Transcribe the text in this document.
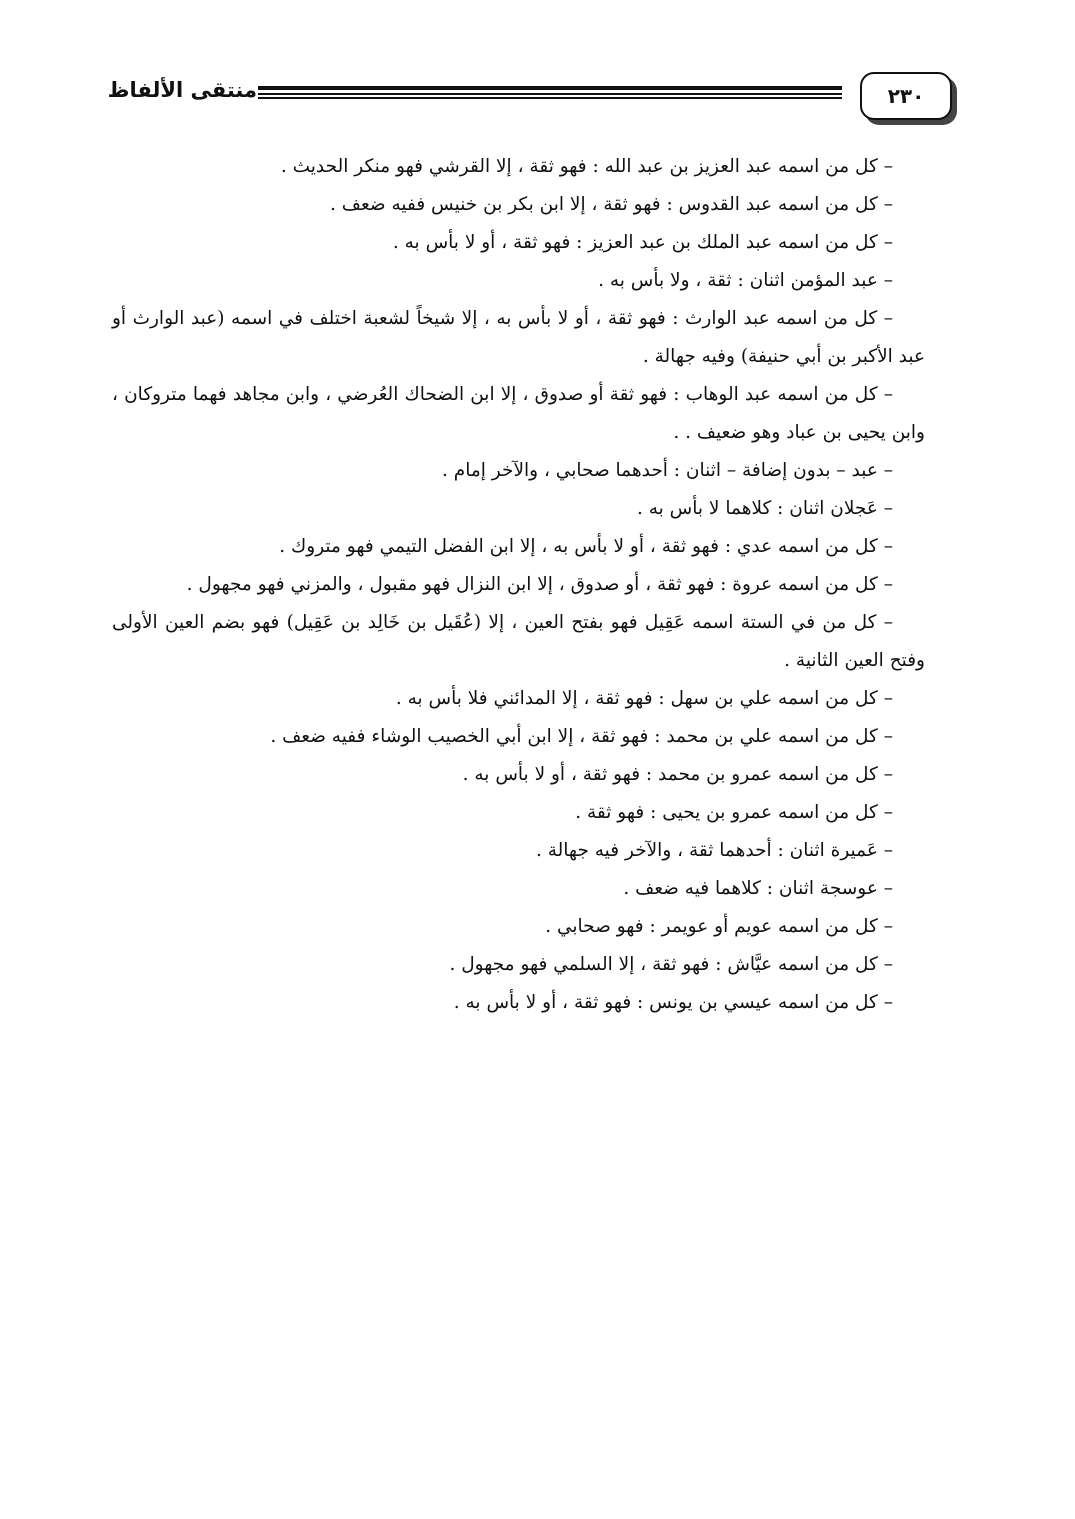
٢٣٠
منتقى الألفاظ

– كل من اسمه عبد العزيز بن عبد الله : فهو ثقة ، إلا القرشي فهو منكر الحديث .

– كل من اسمه عبد القدوس : فهو ثقة ، إلا ابن بكر بن خنيس ففيه ضعف .

– كل من اسمه عبد الملك بن عبد العزيز : فهو ثقة ، أو لا بأس به .

– عبد المؤمن اثنان : ثقة ، ولا بأس به .

– كل من اسمه عبد الوارث : فهو ثقة ، أو لا بأس به ، إلا شيخاً لشعبة اختلف في اسمه (عبد الوارث أو عبد الأكبر بن أبي حنيفة) وفيه جهالة .

– كل من اسمه عبد الوهاب : فهو ثقة أو صدوق ، إلا ابن الضحاك العُرضي ، وابن مجاهد فهما متروكان ، وابن يحيى بن عباد وهو ضعيف . .

– عبد – بدون إضافة – اثنان : أحدهما صحابي ، والآخر إمام .

– عَجلان اثنان : كلاهما لا بأس به .

– كل من اسمه عدي : فهو ثقة ، أو لا بأس به ، إلا ابن الفضل التيمي فهو متروك .

– كل من اسمه عروة : فهو ثقة ، أو صدوق ، إلا ابن النزال فهو مقبول ، والمزني فهو مجهول .

– كل من في الستة اسمه عَقِيل فهو بفتح العين ، إلا (عُقَيل بن خَالِد بن عَقِيل) فهو بضم العين الأولى وفتح العين الثانية .

– كل من اسمه علي بن سهل : فهو ثقة ، إلا المدائني فلا بأس به .

– كل من اسمه علي بن محمد : فهو ثقة ، إلا ابن أبي الخصيب الوشاء ففيه ضعف .

– كل من اسمه عمرو بن محمد : فهو ثقة ، أو لا بأس به .

– كل من اسمه عمرو بن يحيى : فهو ثقة .

– عَميرة اثنان : أحدهما ثقة ، والآخر فيه جهالة .

– عوسجة اثنان : كلاهما فيه ضعف .

– كل من اسمه عويم أو عويمر : فهو صحابي .

– كل من اسمه عيَّاش : فهو ثقة ، إلا السلمي فهو مجهول .

– كل من اسمه عيسي بن يونس : فهو ثقة ، أو لا بأس به .
